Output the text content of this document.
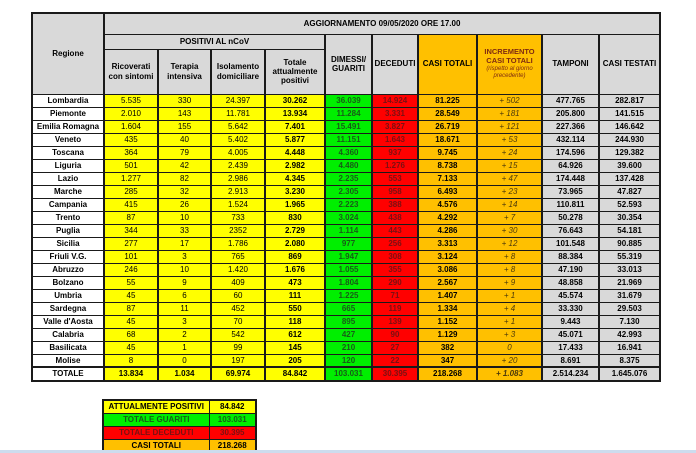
Regione	AGGIORNAMENTO 09/05/2020 ORE 17.00									
	POSITIVI AL nCoV				DIMESSI/ GUARITI	DECEDUTI	CASI TOTALI	INCREMENTO CASI TOTALI
(rispetto al giorno precedente)	TAMPONI	CASI TESTATI
	Ricoverati con sintomi	Terapia intensiva	Isolamento domiciliare	Totale attualmente positivi						
Lombardia	5.535	330	24.397	30.262	36.039	14.924	81.225	+ 502	477.765	282.817
Piemonte	2.010	143	11.781	13.934	11.284	3.331	28.549	+ 181	205.800	141.515
Emilia Romagna	1.604	155	5.642	7.401	15.491	3.827	26.719	+ 121	227.366	146.642
Veneto	435	40	5.402	5.877	11.151	1.643	18.671	+ 53	432.114	244.930
Toscana	364	79	4.005	4.448	4.360	937	9.745	+ 24	174.596	129.382
Liguria	501	42	2.439	2.982	4.480	1.276	8.738	+ 15	64.926	39.600
Lazio	1.277	82	2.986	4.345	2.235	553	7.133	+ 47	174.448	137.428
Marche	285	32	2.913	3.230	2.305	958	6.493	+ 23	73.965	47.827
Campania	415	26	1.524	1.965	2.223	388	4.576	+ 14	110.811	52.593
Trento	87	10	733	830	3.024	438	4.292	+ 7	50.278	30.354
Puglia	344	33	2352	2.729	1.114	443	4.286	+ 30	76.643	54.181
Sicilia	277	17	1.786	2.080	977	256	3.313	+ 12	101.548	90.885
Friuli V.G.	101	3	765	869	1.947	308	3.124	+ 8	88.384	55.319
Abruzzo	246	10	1.420	1.676	1.055	355	3.086	+ 8	47.190	33.013
Bolzano	55	9	409	473	1.804	290	2.567	+ 9	48.858	21.969
Umbria	45	6	60	111	1.225	71	1.407	+ 1	45.574	31.679
Sardegna	87	11	452	550	665	119	1.334	+ 4	33.330	29.503
Valle d'Aosta	45	3	70	118	895	139	1.152	+ 1	9.443	7.130
Calabria	68	2	542	612	427	90	1.129	+ 3	45.071	42.993
Basilicata	45	1	99	145	210	27	382	0	17.433	16.941
Molise	8	0	197	205	120	22	347	+ 20	8.691	8.375
TOTALE	13.834	1.034	69.974	84.842	103.031	30.395	218.268	+ 1.083	2.514.234	1.645.076
ATTUALMENTE POSITIVI	84.842
TOTALE GUARITI	103.031
TOTALE DECEDUTI	30.395
CASI TOTALI	218.268
